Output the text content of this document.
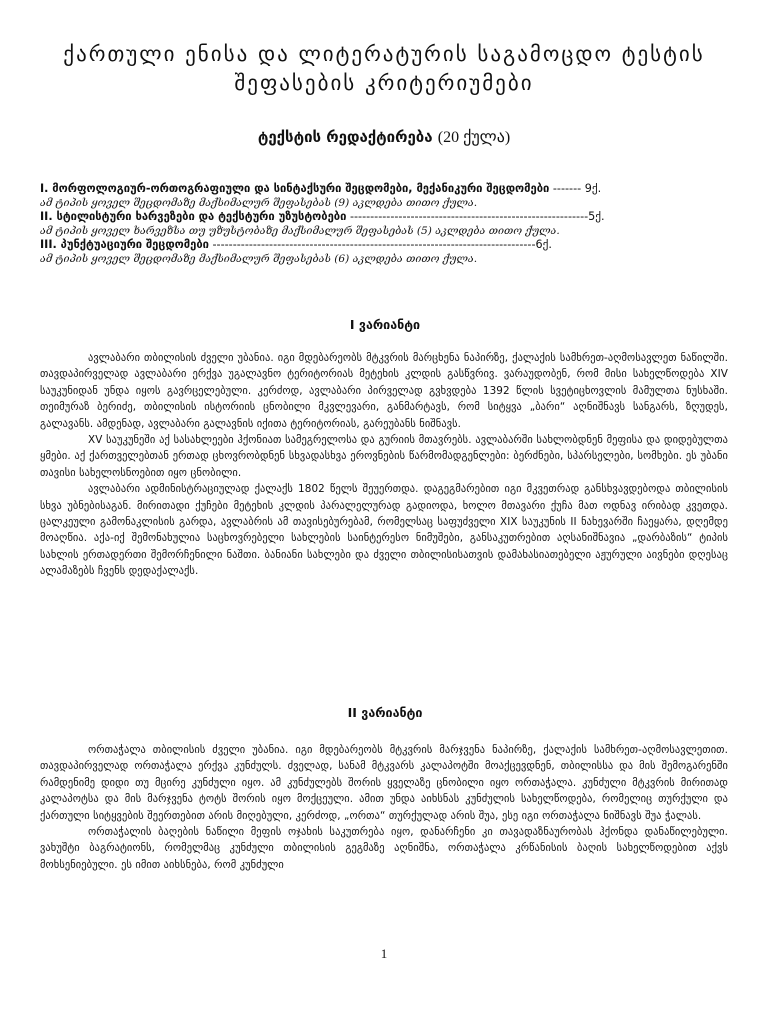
ქართული ენისა და ლიტერატურის საგამოცდო ტესტის
შეფასების კრიტერიუმები
ტექსტის რედაქტირება (20 ქულა)
I. მორფოლოგიურ-ორთოგრაფიული და სინტაქსური შეცდომები, მექანიკური შეცდომები ------- 9ქ.
ამ ტიპის ყოველ შეცდომაზე მაქსიმალურ შეფასებას (9) აკლდება თითო ქულა.
II. სტილისტური ხარვეზები და ტექსტური უზუსტობები -----------------------------------------------------------5ქ.
ამ ტიპის ყოველ ხარვეზსა თუ უზუსტობაზე მაქსიმალურ შეფასებას (5) აკლდება თითო ქულა.
III. პუნქტუაციური შეცდომები --------------------------------------------------------------------------------6ქ.
ამ ტიპის ყოველ შეცდომაზე მაქსიმალურ შეფასებას (6) აკლდება თითო ქულა.
I ვარიანტი

ავლაბარი თბილისის ძველი უბანია. იგი მდებარეობს მტკვრის მარცხენა ნაპირზე, ქალაქის სამხრეთ-აღმოსავლეთ ნაწილში. თავდაპირველად ავლაბარი ერქვა უგალავნო ტერიტორიას მეტეხის კლდის გასწვრივ. ვარაუდობენ, რომ მისი სახელწოდება XIV საუკუნიდან უნდა იყოს გავრცელებული. კერძოდ, ავლაბარი პირველად გვხვდება 1392 წლის სვეტიცხოვლის მამულთა ნუსხაში. თეიმურაზ ბერიძე, თბილისის ისტორიის ცნობილი მკვლევარი, განმარტავს, რომ სიტყვა „ბარი“ აღნიშნავს სანგარს, ზღუდეს, გალავანს. ამდენად, ავლაბარი გალავნის იქითა ტერიტორიას, გარეუბანს ნიშნავს.

XV საუკუნეში აქ სასახლეები ჰქონიათ სამეგრელოსა და გურიის მთავრებს. ავლაბარში სახლობდნენ მეფისა და დიდებულთა ყმები. აქ ქართველებთან ერთად ცხოვრობდნენ სხვადასხვა ეროვნების წარმომადგენლები: ბერძნები, სპარსელები, სომხები. ეს უბანი თავისი სახელოსნოებით იყო ცნობილი.

ავლაბარი ადმინისტრაციულად ქალაქს 1802 წელს შეუერთდა. დაგეგმარებით იგი მკვეთრად განსხვავდებოდა თბილისის სხვა უბნებისაგან. მირითადი ქუჩები მეტეხის კლდის პარალელურად გადიოდა, ხოლო მთავარი ქუჩა მათ ოდნავ ირიბად კვეთდა. ცალკეული გამონაკლისის გარდა, ავლაბრის ამ თავისებურებამ, რომელსაც საფუძველი XIX საუკუნის II ნახევარში ჩაეყარა, დღემდე მოაღწია. აქა-იქ შემონახულია საცხოვრებელი სახლების საინტერესო ნიმუშები, განსაკუთრებით აღსანიშნავია „დარბაზის“ ტიპის სახლის ერთადერთი შემორჩენილი ნაშთი. ბანიანი სახლები და ძველი თბილისისათვის დამახასიათებელი აჟურული აივნები დღესაც ალამაზებს ჩვენს დედაქალაქს.

II ვარიანტი

ორთაჭალა თბილისის ძველი უბანია. იგი მდებარეობს მტკვრის მარჯვენა ნაპირზე, ქალაქის სამხრეთ-აღმოსავლეთით. თავდაპირველად ორთაჭალა ერქვა კუნძულს. ძველად, სანამ მტკვარს კალაპოტში მოაქცევდნენ, თბილისსა და მის შემოგარენში რამდენიმე დიდი თუ მცირე კუნძული იყო. ამ კუნძულებს შორის ყველაზე ცნობილი იყო ორთაჭალა. კუნძული მტკვრის მირითად კალაპოტსა და მის მარჯვენა ტოტს შორის იყო მოქცეული. ამით უნდა აიხსნას კუნძულის სახელწოდება, რომელიც თურქული და ქართული სიტყვების შეერთებით არის მიღებული, კერძოდ, „ორთა“ თურქულად არის შუა, ესე იგი ორთაჭალა ნიშნავს შუა ჭალას.

ორთაჭალის ბაღების ნაწილი მეფის ოჯახის საკუთრება იყო, დანარჩენი კი თავადაზნაურობას ჰქონდა დანაწილებული. ვახუშტი ბაგრატიონს, რომელმაც კუნძული თბილისის გეგმაზე აღნიშნა, ორთაჭალა კრწანისის ბაღის სახელწოდებით აქვს მოხსენიებული. ეს იმით აიხსნება, რომ კუნძული

1
